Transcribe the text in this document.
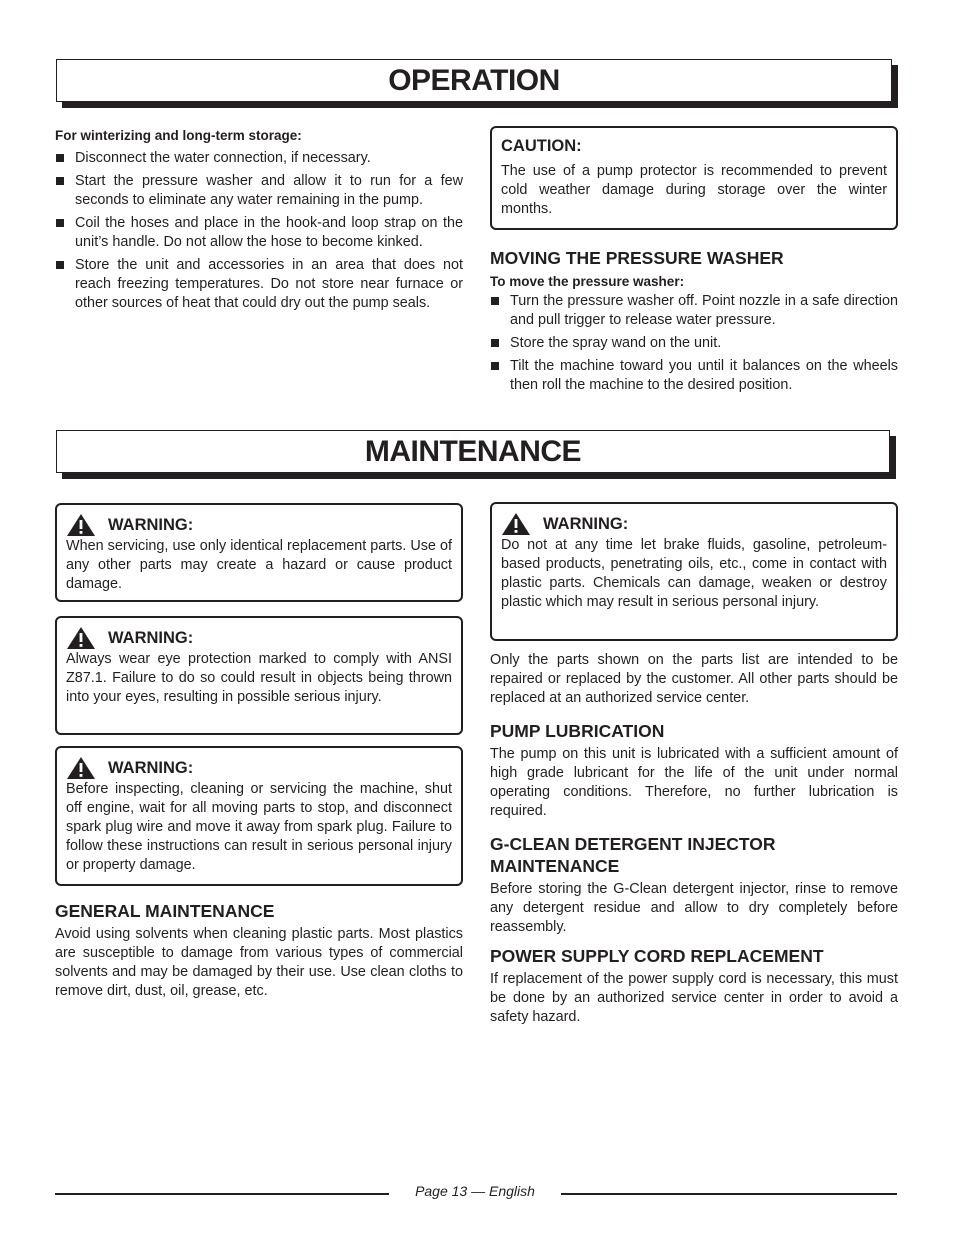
OPERATION
For winterizing and long-term storage:
Disconnect the water connection, if necessary.
Start the pressure washer and allow it to run for a few seconds to eliminate any water remaining in the pump.
Coil the hoses and place in the hook-and loop strap on the unit’s handle. Do not allow the hose to become kinked.
Store the unit and accessories in an area that does not reach freezing temperatures. Do not store near furnace or other sources of heat that could dry out the pump seals.
CAUTION:

The use of a pump protector is recommended to prevent cold weather damage during storage over the winter months.

MOVING THE PRESSURE WASHER
To move the pressure washer:
Turn the pressure washer off. Point nozzle in a safe direction and pull trigger to release water pressure.
Store the spray wand on the unit.
Tilt the machine toward you until it balances on the wheels then roll the machine to the desired position.
MAINTENANCE
WARNING:

When servicing, use only identical replacement parts. Use of any other parts may create a hazard or cause product damage.

WARNING:

Always wear eye protection marked to comply with ANSI Z87.1. Failure to do so could result in objects being thrown into your eyes, resulting in possible serious injury.

WARNING:

Before inspecting, cleaning or servicing the machine, shut off engine, wait for all moving parts to stop, and disconnect spark plug wire and move it away from spark plug. Failure to follow these instructions can result in serious personal injury or property damage.

GENERAL MAINTENANCE

Avoid using solvents when cleaning plastic parts. Most plastics are susceptible to damage from various types of commercial solvents and may be damaged by their use. Use clean cloths to remove dirt, dust, oil, grease, etc.

WARNING:

Do not at any time let brake fluids, gasoline, petroleum-based products, penetrating oils, etc., come in contact with plastic parts. Chemicals can damage, weaken or destroy plastic which may result in serious personal injury.

Only the parts shown on the parts list are intended to be repaired or replaced by the customer. All other parts should be replaced at an authorized service center.

PUMP LUBRICATION

The pump on this unit is lubricated with a sufficient amount of high grade lubricant for the life of the unit under normal operating conditions. Therefore, no further lubrication is required.

G-CLEAN DETERGENT INJECTOR MAINTENANCE

Before storing the G-Clean detergent injector, rinse to remove any detergent residue and allow to dry completely before reassembly.

POWER SUPPLY CORD REPLACEMENT

If replacement of the power supply cord is necessary, this must be done by an authorized service center in order to avoid a safety hazard.

Page 13 — English
